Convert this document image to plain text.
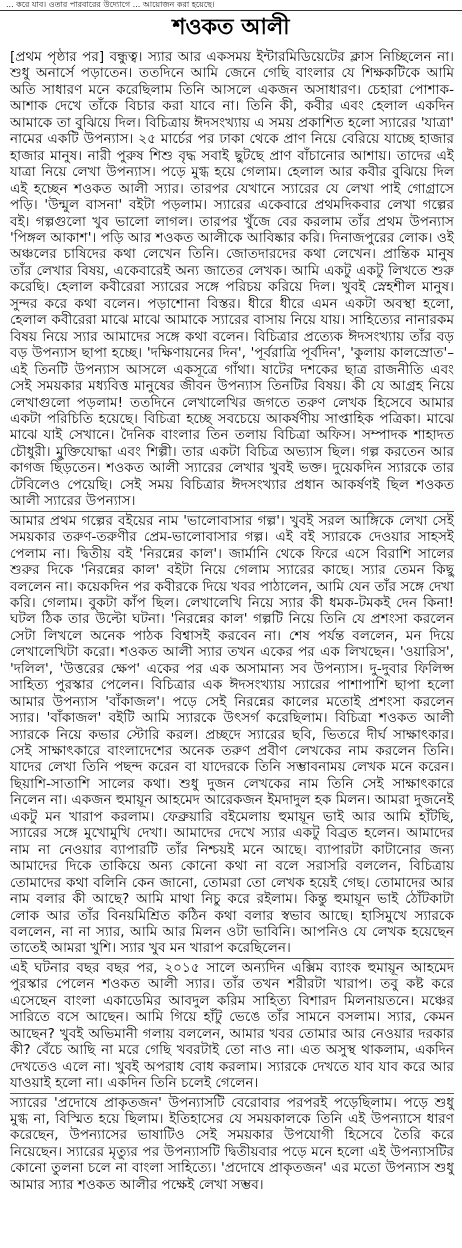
... করে যাব। ওতার পারবারের উদ্যোগে ... আয়োজন করা হয়েছে।
শওকত আলী

[প্রথম পৃষ্ঠার পর] বন্ধুত্ব। স্যার আর একসময় ইন্টারমিডিয়েটের ক্লাস নিচ্ছিলেন না। শুধু অনার্সে পড়াতেন। ততদিনে আমি জেনে গেছি বাংলার যে শিক্ষকটিকে আমি অতি সাধারণ মনে করেছিলাম তিনি আসলে একজন অসাধারণ। চেহারা পোশাক-আশাক দেখে তাঁকে বিচার করা যাবে না। তিনি কী, কবীর এবং হেলাল একদিন আমাকে তা বুঝিয়ে দিল। বিচিত্রায় ঈদসংখ্যায় এ সময় প্রকাশিত হলো স্যারের 'যাত্রা' নামের একটি উপন্যাস। ২৫ মার্চের পর ঢাকা থেকে প্রাণ নিয়ে বেরিয়ে যাচ্ছে হাজার হাজার মানুষ। নারী পুরুষ শিশু বৃদ্ধ সবাই ছুটছে প্রাণ বাঁচানোর আশায়। তাদের এই যাত্রা নিয়ে লেখা উপন্যাস। পড়ে মুগ্ধ হয়ে গেলাম। হেলাল আর কবীর বুঝিয়ে দিল এই হচ্ছেন শওকত আলী স্যার। তারপর যেখানে স্যারের যে লেখা পাই গোগ্রাসে পড়ি। 'উন্মুল বাসনা' বইটা পড়লাম। স্যারের একেবারে প্রথমদিকবার লেখা গল্পের বই। গল্পগুলো খুব ভালো লাগল। তারপর খুঁজে বের করলাম তাঁর প্রথম উপন্যাস 'পিঙ্গল আকাশ'। পড়ি আর শওকত আলীকে আবিষ্কার করি। দিনাজপুরের লোক। ওই অঞ্চলের চাষিদের কথা লেখেন তিনি। জোতদারদের কথা লেখেন। প্রান্তিক মানুষ তাঁর লেখার বিষয়, একেবারেই অন্য জাতের লেখক। আমি একটু একটু লিখতে শুরু করেছি। হেলাল কবীরেরা স্যারের সঙ্গে পরিচয় করিয়ে দিল। খুবই স্নেহশীল মানুষ। সুন্দর করে কথা বলেন। পড়াশোনা বিস্তর। ধীরে ধীরে এমন একটা অবস্থা হলো, হেলাল কবীরেরা মাঝে মাঝে আমাকে স্যারের বাসায় নিয়ে যায়। সাহিত্যের নানারকম বিষয় নিয়ে স্যার আমাদের সঙ্গে কথা বলেন। বিচিত্রার প্রত্যেক ঈদসংখ্যায় তাঁর বড় বড় উপন্যাস ছাপা হচ্ছে। 'দক্ষিণায়নের দিন', 'পূর্বরাত্রি পূর্বদিন', 'কুলায় কালস্রোত'– এই তিনটি উপন্যাস আসলে একসূত্রে গাঁথা। ষাটের দশকের ছাত্র রাজনীতি এবং সেই সময়কার মধ্যবিত্ত মানুষের জীবন উপন্যাস তিনটির বিষয়। কী যে আগ্রহ নিয়ে লেখাগুলো পড়লাম! ততদিনে লেখালেখির জগতে তরুণ লেখক হিসেবে আমার একটা পরিচিতি হয়েছে। বিচিত্রা হচ্ছে সবচেয়ে আকর্ষণীয় সাপ্তাহিক পত্রিকা। মাঝে মাঝে যাই সেখানে। দৈনিক বাংলার তিন তলায় বিচিত্রা অফিস। সম্পাদক শাহাদত চৌধুরী। মুক্তিযোদ্ধা এবং শিল্পী। তার একটা বিচিত্র অভ্যাস ছিল। গল্প করতেন আর কাগজ ছিঁড়তেন। শওকত আলী স্যারের লেখার খুবই ভক্ত। দুয়েকদিন স্যারকে তার টেবিলেও পেয়েছি। সেই সময় বিচিত্রার ঈদসংখ্যার প্রধান আকর্ষণই ছিল শওকত আলী স্যারের উপন্যাস।

আমার প্রথম গল্পের বইয়ের নাম 'ভালোবাসার গল্প'। খুবই সরল আঙ্গিকে লেখা সেই সময়কার তরুণ-তরুণীর প্রেম-ভালোবাসার গল্প। এই বই স্যারকে দেওয়ার সাহসই পেলাম না। দ্বিতীয় বই 'নিরন্নের কাল'। জার্মানি থেকে ফিরে এসে বিরাশি সালের শুরুর দিকে 'নিরন্নের কাল' বইটা নিয়ে গেলাম স্যারের কাছে। স্যার তেমন কিছু বললেন না। কয়েকদিন পর কবীরকে দিয়ে খবর পাঠালেন, আমি যেন তাঁর সঙ্গে দেখা করি। গেলাম। বুকটা কাঁপ ছিল। লেখালেখি নিয়ে স্যার কী ধমক-টমকই দেন কিনা! ঘটল ঠিক তার উল্টো ঘটনা। 'নিরন্নের কাল' গল্পটি নিয়ে তিনি যে প্রশংসা করলেন সেটা লিখলে অনেক পাঠক বিশ্বাসই করবেন না। শেষ পর্যন্ত বললেন, মন দিয়ে লেখালেখিটা করো। শওকত আলী স্যার তখন একের পর এক লিখছেন। 'ওয়ারিস', 'দলিল', 'উত্তরের ক্ষেপ' একের পর এক অসামান্য সব উপন্যাস। দু-দুবার ফিলিপ্স সাহিত্য পুরস্কার পেলেন। বিচিত্রার এক ঈদসংখ্যায় স্যারের পাশাপাশি ছাপা হলো আমার উপন্যাস 'বাঁকাজল'। পড়ে সেই নিরন্নের কালের মতোই প্রশংসা করলেন স্যার। 'বাঁকাজল' বইটি আমি স্যারকে উৎসর্গ করেছিলাম। বিচিত্রা শওকত আলী স্যারকে নিয়ে কভার স্টোরি করল। প্রচ্ছদে স্যারের ছবি, ভিতরে দীর্ঘ সাক্ষাৎকার। সেই সাক্ষাৎকারে বাংলাদেশের অনেক তরুণ প্রবীণ লেখকের নাম করলেন তিনি। যাদের লেখা তিনি পছন্দ করেন বা যাদেরকে তিনি সম্ভাবনাময় লেখক মনে করেন। ছিয়াশি-সাতাশি সালের কথা। শুধু দুজন লেখকের নাম তিনি সেই সাক্ষাৎকারে নিলেন না। একজন হুমায়ূন আহমেদ আরেকজন ইমদাদুল হক মিলন। আমরা দুজনেই একটু মন খারাপ করলাম। ফেব্রুয়ারি বইমেলায় হুমায়ূন ভাই আর আমি হাঁটছি, স্যারের সঙ্গে মুখোমুখি দেখা। আমাদের দেখে স্যার একটু বিব্রত হলেন। আমাদের নাম না নেওয়ার ব্যাপারটি তাঁর নিশ্চয়ই মনে আছে। ব্যাপারটা কাটানোর জন্য আমাদের দিকে তাকিয়ে অন্য কোনো কথা না বলে সরাসরি বললেন, বিচিত্রায় তোমাদের কথা বলিনি কেন জানো, তোমরা তো লেখক হয়েই গেছ। তোমাদের আর নাম বলার কী আছে? আমি মাথা নিচু করে রইলাম। কিন্তু হুমায়ূন ভাই ঠোঁটকাটা লোক আর তাঁর বিনয়মিশ্রিত কঠিন কথা বলার স্বভাব আছে। হাসিমুখে স্যারকে বললেন, না না স্যার, আমি আর মিলন ওটা ভাবিনি। আপনিও যে লেখক হয়েছেন তাতেই আমরা খুশি। স্যার খুব মন খারাপ করেছিলেন।

এই ঘটনার বছর বছর পর, ২০১৫ সালে অন্যদিন এক্সিম ব্যাংক হুমায়ূন আহমেদ পুরস্কার পেলেন শওকত আলী স্যার। তাঁর তখন শরীরটা খারাপ। তবু কষ্ট করে এসেছেন বাংলা একাডেমির আবদুল করিম সাহিত্য বিশারদ মিলনায়তনে। মঞ্চের সারিতে বসে আছেন। আমি গিয়ে হাঁটু ভেঙে তাঁর সামনে বসলাম। স্যার, কেমন আছেন? খুবই অভিমানী গলায় বললেন, আমার খবর তোমার আর নেওয়ার দরকার কী? বেঁচে আছি না মরে গেছি খবরটাই তো নাও না। এত অসুস্থ থাকলাম, একদিন দেখতেও এলে না। খুবই অপরাধ বোধ করলাম। স্যারকে দেখতে যাব যাব করে আর যাওয়াই হলো না। একদিন তিনি চলেই গেলেন।

স্যারের 'প্রদোষে প্রাকৃতজন' উপন্যাসটি বেরোবার পরপরই পড়েছিলাম। পড়ে শুধু মুগ্ধ না, বিস্মিত হয়ে ছিলাম। ইতিহাসের যে সময়কালকে তিনি এই উপন্যাসে ধারণ করেছেন, উপন্যাসের ভাষাটিও সেই সময়কার উপযোগী হিসেবে তৈরি করে নিয়েছেন। স্যারের মৃত্যুর পর উপন্যাসটি দ্বিতীয়বার পড়ে মনে হলো এই উপন্যাসটির কোনো তুলনা চলে না বাংলা সাহিত্যে। 'প্রদোষে প্রাকৃতজন' এর মতো উপন্যাস শুধু আমার স্যার শওকত আলীর পক্ষেই লেখা সম্ভব।
